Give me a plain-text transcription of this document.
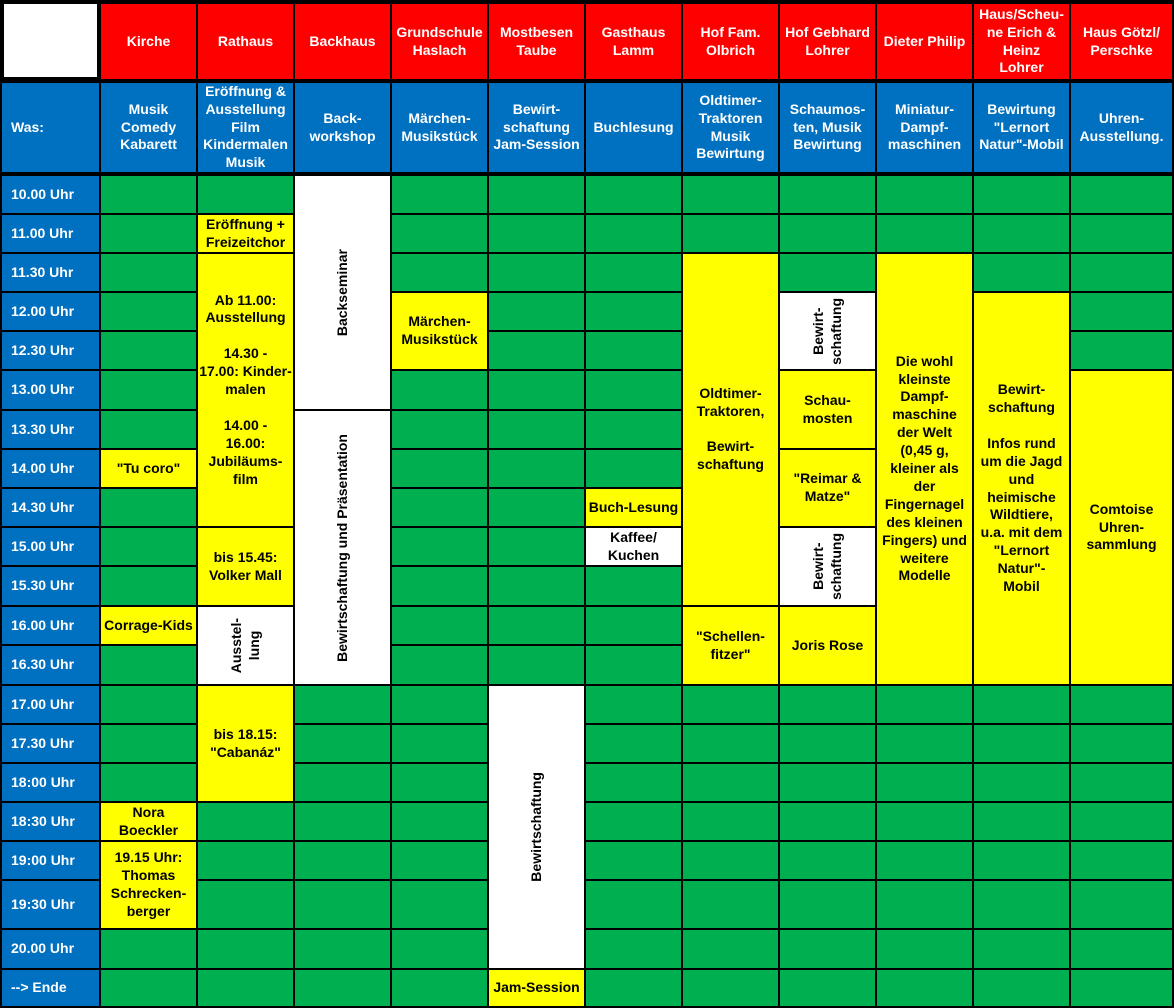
Kirche	Rathaus	Backhaus
Grundschule
Haslach
Mostbesen
Taube
Gasthaus
Lamm
Hof Fam.
Olbrich
Hof Gebhard
Lohrer
Dieter Philip
Haus/Scheu-
ne Erich &
Heinz
Lohrer
Haus Götzl/
Perschke
Was:
Musik
Comedy
Kabarett
Eröffnung &
Ausstellung
Film
Kindermalen
Musik
Back-
workshop
Märchen-
Musikstück
Bewirt-
schaftung
Jam-Session
Buchlesung
Oldtimer-
Traktoren
Musik
Bewirtung
Schaumos-
ten, Musik
Bewirtung
Miniatur-
Dampf-
maschinen
Bewirtung
"Lernort
Natur"-Mobil
Uhren-
Ausstellung.
10.00 Uhr
11.00 Uhr
11.30 Uhr
12.00 Uhr
12.30 Uhr
13.00 Uhr
13.30 Uhr
14.00 Uhr
14.30 Uhr
15.00 Uhr
15.30 Uhr
16.00 Uhr
16.30 Uhr
17.00 Uhr
17.30 Uhr
18:00 Uhr
18:30 Uhr
19:00 Uhr
19:30 Uhr
20.00 Uhr
--> Ende
"Tu coro"
Corrage-Kids
Nora
Boeckler
19.15 Uhr:
Thomas
Schrecken-
berger
Eröffnung +
Freizeitchor
Ab 11.00:
Ausstellung

14.30 -
17.00: Kinder-
malen

14.00 -
16.00:
Jubiläums-
film
bis 15.45:
Volker Mall
Ausstel-
lung
bis 18.15:
"Cabanáz"
Backseminar
Bewirtschaftung und Präsentation
Märchen-
Musikstück
Bewirtschaftung
Jam-Session
Buch-Lesung
Kaffee/
Kuchen
Oldtimer-
Traktoren,

Bewirt-
schaftung
"Schellen-
fitzer"
Bewirt-
schaftung
Schau-
mosten
"Reimar &
Matze"
Bewirt-
schaftung
Joris Rose
Die wohl
kleinste
Dampf-
maschine
der Welt
(0,45 g,
kleiner als
der
Fingernagel
des kleinen
Fingers) und
weitere
Modelle
Bewirt-
schaftung

Infos rund
um die Jagd
und
heimische
Wildtiere,
u.a. mit dem
"Lernort
Natur"-
Mobil
Comtoise
Uhren-
sammlung
